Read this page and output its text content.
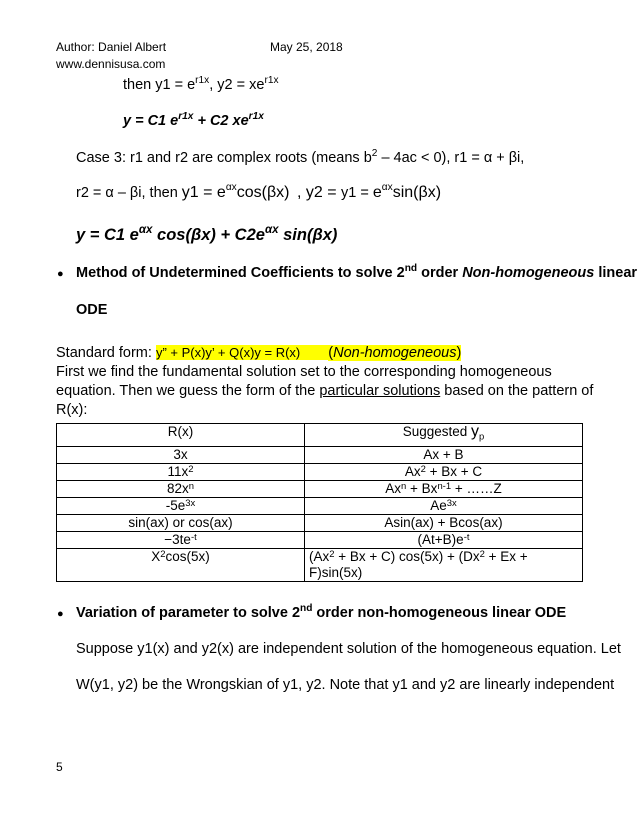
Author: Daniel Albert	May 25, 2018
www.dennisusa.com
then $y1 = e^{r1x}$, $y2 = xe^{r1x}$
y = C1 $e^{r1x} + C2$ $xe^{r1x}$
Case 3: r1 and r2 are complex roots (means $b^2 - 4ac < 0$), r1 = α + βi,
r2 = α – βi, then $y1 = e^{\alpha x}\cos(\beta x)$ , $y2 = y1 = e^{\alpha x}\sin(\beta x)$
y = C1 $e^{\alpha x}$ $\cos(\beta x) + C2e^{\alpha x}$ sin(βx)
● Method of Undetermined Coefficients to solve 2nd order Non-homogeneous linear
ODE
Standard form: y” + P(x)y’ + Q(x)y = R(x) (Non-homogeneous)
First we find the fundamental solution set to the corresponding homogeneous
equation. Then we guess the form of the particular solutions based on the pattern of
R(x):
R(x)	Suggested $y_p$
3x	Ax + B
$11x^2$	$Ax^2 + Bx + C$
$82x^n$	$Ax^n + Bx^{n-1}$ + ……Z
$-5e^{3x}$	$Ae^{3x}$
sin(ax) or cos(ax)	Asin(ax) + Bcos(ax)
$-3te^{-t}$	$(At+B)e^{-t}$
$X^2\cos(5x)$	$(Ax^2 + Bx + C) \cos(5x) + (Dx^2 + Ex$ +
F)sin(5x)
● Variation of parameter to solve 2nd order non-homogeneous linear ODE
Suppose y1(x) and y2(x) are independent solution of the homogeneous equation. Let
W(y1, y2) be the Wrongskian of y1, y2. Note that y1 and y2 are linearly independent
5
